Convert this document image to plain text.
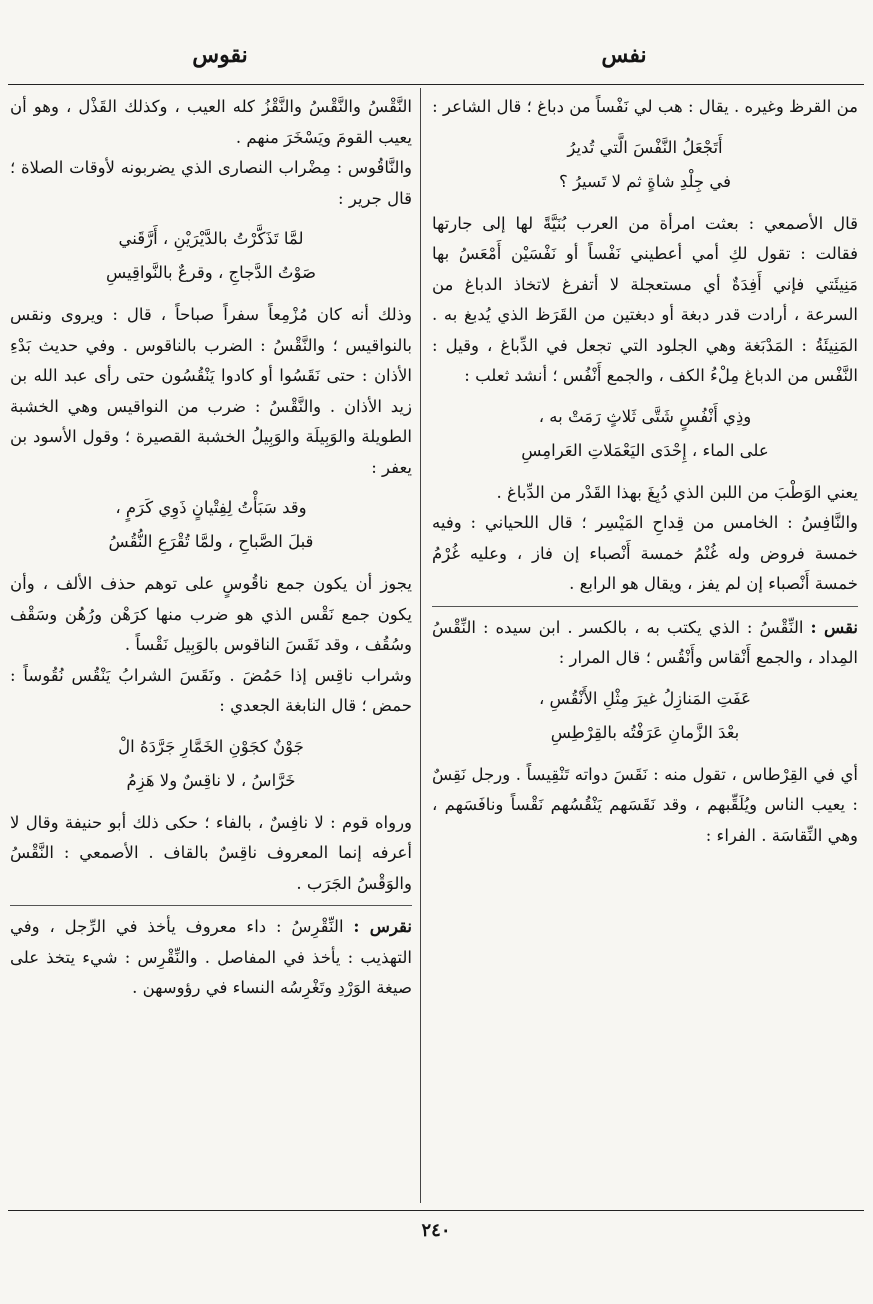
نفس
نقوس

من القرظ وغيره . يقال : هب لي نَفْساً من دباغ ؛ قال الشاعر :

أَتَجْعَلُ النَّفْسَ الَّتي تُديرُ
في جِلْدِ شاةٍ ثم لا تَسيرُ ؟

قال الأصمعي : بعثت امرأة من العرب بُنَيَّةً لها إلى جارتها فقالت : تقول لكِ أمي أعطيني نَفْساً أو نَفْسَيْن أَمْعَسُ بها مَنِيئَتي فإني أَفِدَةٌ أي مستعجلة لا أتفرغ لاتخاذ الدباغ من السرعة ، أرادت قدر دبغة أو دبغتين من القَرَظ الذي يُدبغ به . المَنِيئَةُ : المَدْبَغة وهي الجلود التي تجعل في الدِّباغ ، وقيل : النَّفْس من الدباغ مِلْءُ الكف ، والجمع أَنْفُس ؛ أنشد ثعلب :

وذِي أَنْفُسٍ شَتَّى ثَلاثٍ رَمَتْ به ،
على الماء ، إِحْدَى اليَعْمَلاتِ العَرامِسِ

يعني الوَطْبَ من اللبن الذي دُبِغَ بهذا القَدْر من الدِّباغ .

والنَّافِسُ : الخامس من قِداحِ المَيْسِر ؛ قال اللحياني : وفيه خمسة فروض وله غُنْمُ خمسة أَنْصباء إن فاز ، وعليه غُرْمُ خمسة أَنْصباء إن لم يفز ، ويقال هو الرابع .

نقس : النِّقْسُ : الذي يكتب به ، بالكسر . ابن سيده : النِّقْسُ المِداد ، والجمع أَنْقاس وأَنْقُس ؛ قال المرار :

عَفَتِ المَنازِلُ غيرَ مِثْلِ الأَنْقُسِ ،
بعْدَ الزَّمانِ عَرَفْتُه بالقِرْطِسِ

أي في القِرْطاس ، تقول منه : نَقَسَ دواته تَنْقِيساً . ورجل نَقِسٌ : يعيب الناس ويُلَقِّبهم ، وقد نَقَسَهم يَنْقُسُهم نَقْساً ونافَسَهم ، وهي النِّقاسَة . الفراء :

النَّقْسُ والنَّقْسُ والنَّقْزُ كله العيب ، وكذلك القَذْل ، وهو أن يعيب القومَ ويَسْخَرَ منهم .

والنَّاقُوس : مِضْراب النصارى الذي يضربونه لأوقات الصلاة ؛ قال جرير :

لمَّا تَذَكَّرْتُ بالدَّيْرَيْنِ ، أَرَّقَني
صَوْتُ الدَّجاجِ ، وقرعٌ بالنَّواقِيسِ

وذلك أنه كان مُزْمِعاً سفراً صباحاً ، قال : ويروى ونقس بالنواقيس ؛ والنَّقْسُ : الضرب بالناقوس . وفي حديث بَدْءِ الأذان : حتى نَقَسُوا أو كادوا يَنْقُسُون حتى رأى عبد الله بن زيد الأذان . والنَّقْسُ : ضرب من النواقيس وهي الخشبة الطويلة والوَبِيلَة والوَبِيلُ الخشبة القصيرة ؛ وقول الأسود بن يعفر :

وقد سَبَأْتُ لِفِتْيانٍ ذَوِي كَرَمٍ ،
قبلَ الصَّباحِ ، ولمَّا تُقْرَعِ النُّقُسُ

يجوز أن يكون جمع ناقُوسٍ على توهم حذف الألف ، وأن يكون جمع نَقْس الذي هو ضرب منها كرَهْن ورُهُن وسَقْف وسُقُف ، وقد نَقَسَ الناقوس بالوَبِيل نَقْساً .

وشراب ناقِس إذا حَمُضَ . ونَقَسَ الشرابُ يَنْقُس نُقُوساً : حمض ؛ قال النابغة الجعدي :

جَوْنٌ كجَوْنِ الخَمَّارِ جَرَّدَهُ الْ
خَرَّاسُ ، لا ناقِسٌ ولا هَزِمُ

ورواه قوم : لا نافِسٌ ، بالفاء ؛ حكى ذلك أبو حنيفة وقال لا أعرفه إنما المعروف ناقِسٌ بالقاف . الأصمعي : النَّقْسُ والوَقْسُ الجَرَب .

نقرس : النِّقْرِسُ : داء معروف يأخذ في الرِّجل ، وفي التهذيب : يأخذ في المفاصل . والنِّقْرِس : شيء يتخذ على صيغة الوَرْدِ وتَغْرِسُه النساء في رؤوسهن .

٢٤٠
